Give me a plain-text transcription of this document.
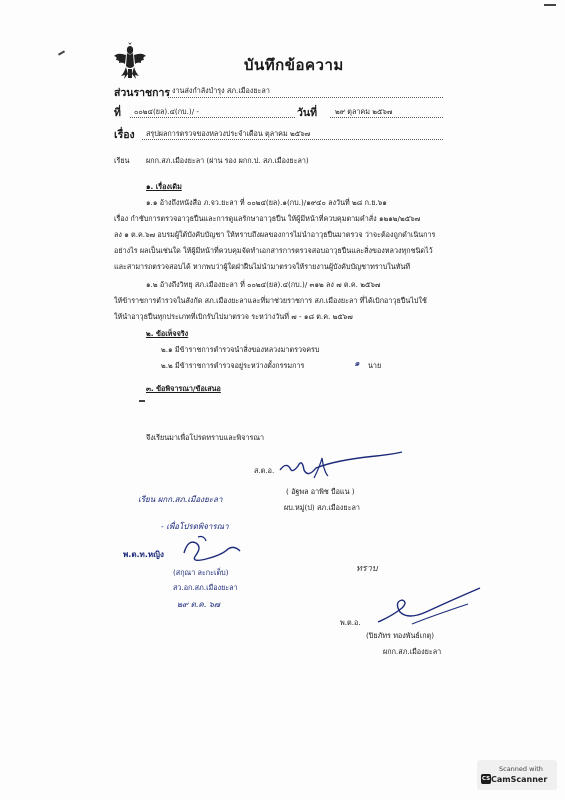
บันทึกข้อความ
ส่วนราชการ งานส่งกำลังบำรุง สภ.เมืองยะลา
ที่ ๐๐๒๔(ยล).๔(กบ.)/ -	วันที่	๒๙ ตุลาคม ๒๕๖๗
เรื่อง สรุปผลการตรวจของหลวงประจำเดือน ตุลาคม ๒๕๖๗
เรียน ผกก.สภ.เมืองยะลา (ผ่าน รอง ผกก.ป. สภ.เมืองยะลา)
๑. เรื่องเดิม
๑.๑ อ้างถึงหนังสือ ภ.จว.ยะลา ที่ ๐๐๒๔(ยล).๑(กบ.)/๑๙๔๐ ลงวันที่ ๒๘ ก.ย.๖๑
เรื่อง กำชับการตรวจอาวุธปืนและการดูแลรักษาอาวุธปืน ให้ผู้มีหน้าที่ควบคุมตามคำสั่ง ๑๒๑๒/๒๕๖๗
ลง ๑ ต.ค.๖๗ อบรมผู้ใต้บังคับบัญชา ให้ทราบถึงผลของการไม่นำอาวุธปืนมาตรวจ ว่าจะต้องถูกดำเนินการ
อย่างไร ผลเป็นเช่นใด ให้ผู้มีหน้าที่ควบคุมจัดทำเอกสารการตรวจสอบอาวุธปืนและสิ่งของหลวงทุกชนิดไว้
และสามารถตรวจสอบได้ หากพบว่าผู้ใดฝ่าฝืนไม่นำมาตรวจให้รายงานผู้บังคับบัญชาทราบในทันที
๑.๒ อ้างถึงวิทยุ สภ.เมืองยะลา ที่ ๐๐๒๔(ยล).๔(กบ.)/ ๓๑๒ ลง ๗ ต.ค. ๒๕๖๗
ให้ข้าราชการตำรวจในสังกัด สภ.เมืองยะลาและที่มาช่วยราชการ สภ.เมืองยะลา ที่ได้เบิกอาวุธปืนไปใช้
ให้นำอาวุธปืนทุกประเภทที่เบิกรับไปมาตรวจ ระหว่างวันที่ ๗ - ๑๘ ต.ค. ๒๕๖๗
๒. ข้อเท็จจริง
๒.๑ มีข้าราชการตำรวจนำสิ่งของหลวงมาตรวจครบ
๒.๒ มีข้าราชการตำรวจอยู่ระหว่างตั้งกรรมการ	๑ นาย
๓. ข้อพิจารณา/ข้อเสนอ
จึงเรียนมาเพื่อโปรดทราบและพิจารณา
ส.ต.อ.
( อัฐพล อาพิช บือแน )
ผบ.หมู่(ป) สภ.เมืองยะลา
เรียน ผกก.สภ.เมืองยะลา
- เพื่อโปรดพิจารณา
พ.ต.ท.หญิง
(สกุณา ละกะเต็บ)
สว.อก.สภ.เมืองยะลา
๒๙ ต.ค. ๖๗
ทราบ
พ.ต.อ.
(ปิยภัทร ทองพันธ์เกตุ)
ผกก.สภ.เมืองยะลา
Scanned with
CS CamScanner
